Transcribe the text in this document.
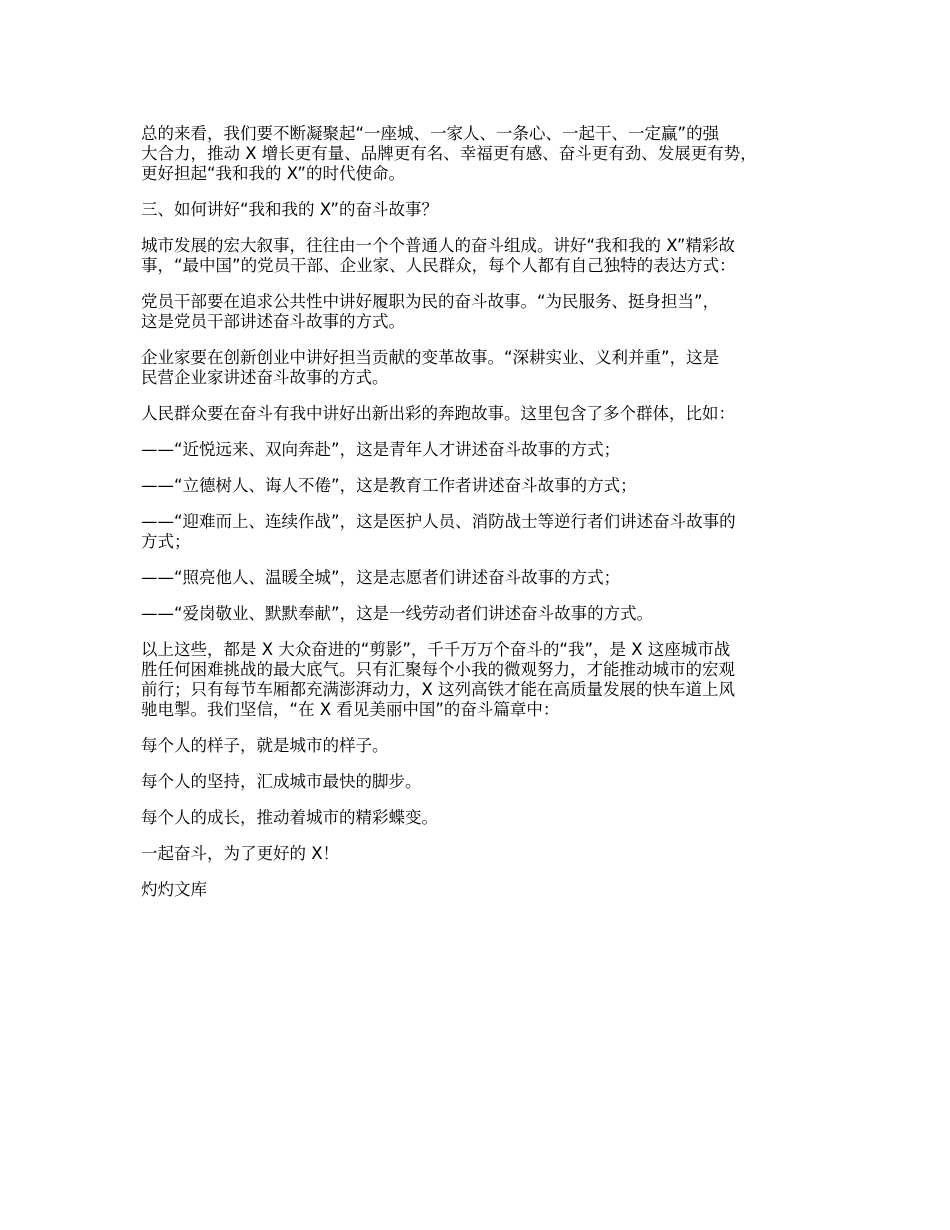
总的来看，我们要不断凝聚起“一座城、一家人、一条心、一起干、一定赢”的强
大合力，推动 X 增长更有量、品牌更有名、幸福更有感、奋斗更有劲、发展更有势，
更好担起“我和我的 X”的时代使命。

三、如何讲好“我和我的 X”的奋斗故事？

城市发展的宏大叙事，往往由一个个普通人的奋斗组成。讲好“我和我的 X”精彩故
事，“最中国”的党员干部、企业家、人民群众，每个人都有自己独特的表达方式：

党员干部要在追求公共性中讲好履职为民的奋斗故事。“为民服务、挺身担当”，
这是党员干部讲述奋斗故事的方式。

企业家要在创新创业中讲好担当贡献的变革故事。“深耕实业、义利并重”，这是
民营企业家讲述奋斗故事的方式。

人民群众要在奋斗有我中讲好出新出彩的奔跑故事。这里包含了多个群体，比如：

——“近悦远来、双向奔赴”，这是青年人才讲述奋斗故事的方式；

——“立德树人、诲人不倦”，这是教育工作者讲述奋斗故事的方式；

——“迎难而上、连续作战”，这是医护人员、消防战士等逆行者们讲述奋斗故事的
方式；

——“照亮他人、温暖全城”，这是志愿者们讲述奋斗故事的方式；

——“爱岗敬业、默默奉献”，这是一线劳动者们讲述奋斗故事的方式。

以上这些，都是 X 大众奋进的“剪影”，千千万万个奋斗的“我”，是 X 这座城市战
胜任何困难挑战的最大底气。只有汇聚每个小我的微观努力，才能推动城市的宏观
前行；只有每节车厢都充满澎湃动力，X 这列高铁才能在高质量发展的快车道上风
驰电掣。我们坚信，“在 X 看见美丽中国”的奋斗篇章中：

每个人的样子，就是城市的样子。

每个人的坚持，汇成城市最快的脚步。

每个人的成长，推动着城市的精彩蝶变。

一起奋斗，为了更好的 X！

灼灼文库
